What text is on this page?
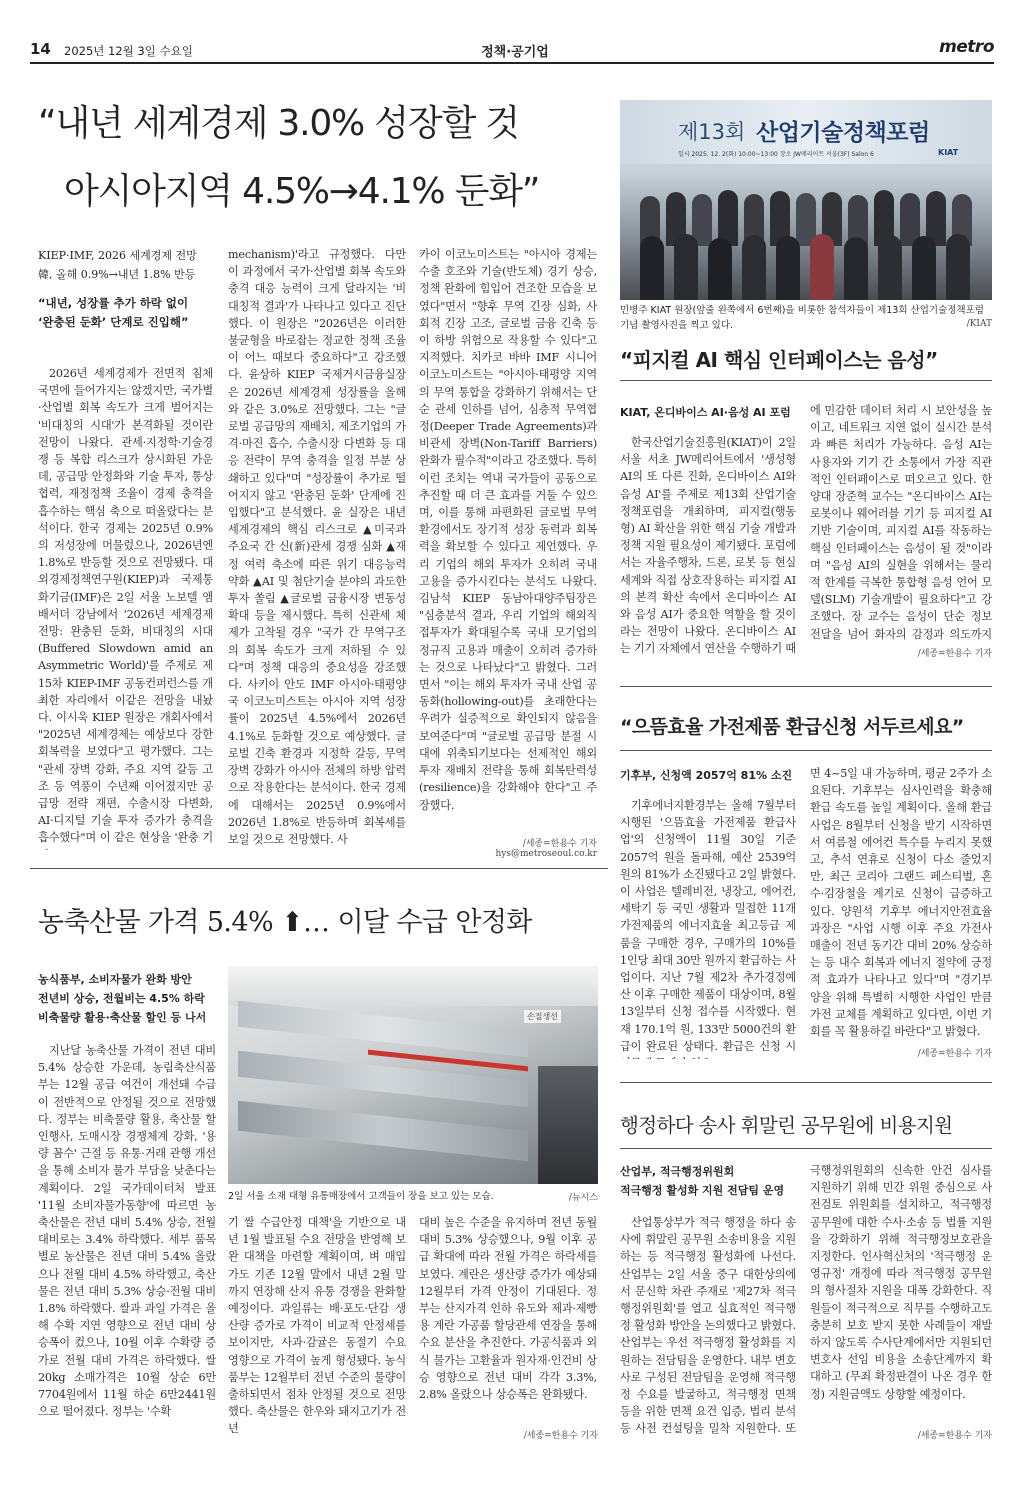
14 2025년 12월 3일 수요일	정책·공기업	metro
“내년 세계경제 3.0% 성장할 것
아시아지역 4.5%→4.1% 둔화”
KIEP·IMF, 2026 세계경제 전망
韓, 올해 0.9%→내년 1.8% 반등
“내년, 성장률 추가 하락 없이
‘완충된 둔화’ 단계로 진입해”

2026년 세계경제가 전면적 침체 국면에 들어가지는 않겠지만, 국가별·산업별 회복 속도가 크게 벌어지는 '비대칭의 시대'가 본격화될 것이란 전망이 나왔다. 관세·지정학·기술경쟁 등 복합 리스크가 상시화된 가운데, 공급망 안정화와 기술 투자, 통상 협력, 재정정책 조율이 경제 충격을 흡수하는 핵심 축으로 떠올랐다는 분석이다. 한국 경제는 2025년 0.9%의 저성장에 머물렀으나, 2026년엔 1.8%로 반등할 것으로 전망됐다. 대외경제정책연구원(KIEP)과 국제통화기금(IMF)은 2일 서울 노보텔 앰배서더 강남에서 '2026년 세계경제 전망: 완충된 둔화, 비대칭의 시대(Buffered Slowdown amid an Asymmetric World)'를 주제로 제15차 KIEP-IMF 공동컨퍼런스를 개최한 자리에서 이같은 전망을 내놨다. 이시욱 KIEP 원장은 개회사에서 "2025년 세계경제는 예상보다 강한 회복력을 보였다"고 평가했다. 그는 "관세 장벽 강화, 주요 지역 갈등 고조 등 역풍이 수년째 이어졌지만 공급망 전략 재편, 수출시장 다변화, AI·디지털 기술 투자 증가가 충격을 흡수했다"며 이 같은 현상을 '완충 기

mechanism)'라고 규정했다. 다만 이 과정에서 국가·산업별 회복 속도와 충격 대응 능력이 크게 달라지는 '비대칭적 결과'가 나타나고 있다고 진단했다. 이 원장은 "2026년은 이러한 불균형을 바로잡는 정교한 정책 조율이 어느 때보다 중요하다"고 강조했다. 윤상하 KIEP 국제거시금융실장은 2026년 세계경제 성장률을 올해와 같은 3.0%로 전망했다. 그는 "글로벌 공급망의 재배치, 제조기업의 가격·마진 흡수, 수출시장 다변화 등 대응 전략이 무역 충격을 일정 부분 상쇄하고 있다"며 "성장률이 추가로 떨어지지 않고 '완충된 둔화' 단계에 진입했다"고 분석했다. 윤 실장은 내년 세계경제의 핵심 리스크로 ▲미국과 주요국 간 신(新)관세 경쟁 심화 ▲재정 여력 축소에 따른 위기 대응능력 약화 ▲AI 및 첨단기술 분야의 과도한 투자 쏠림 ▲글로벌 금융시장 변동성 확대 등을 제시했다. 특히 신관세 체제가 고착될 경우 "국가 간 무역구조의 회복 속도가 크게 저하될 수 있다"며 정책 대응의 중요성을 강조했다. 사키이 안도 IMF 아시아·태평양국 이코노미스트는 아시아 지역 성장률이 2025년 4.5%에서 2026년 4.1%로 둔화할 것으로 예상했다. 글로벌 긴축 환경과 지정학 갈등, 무역 장벽 강화가 아시아 전체의 하방 압력으로 작용한다는 분석이다. 한국 경제에 대해서는 2025년 0.9%에서 2026년 1.8%로 반등하며 회복세를 보일 것으로 전망했다. 사

카이 이코노미스트는 "아시아 경제는 수출 호조와 기술(반도체) 경기 상승, 정책 완화에 힘입어 견조한 모습을 보였다"면서 "향후 무역 긴장 심화, 사회적 긴장 고조, 글로벌 금융 긴축 등이 하방 위험으로 작용할 수 있다"고 지적했다. 치카코 바바 IMF 시니어 이코노미스트는 "아시아·태평양 지역의 무역 통합을 강화하기 위해서는 단순 관세 인하를 넘어, 심층적 무역협정(Deeper Trade Agreements)과 비관세 장벽(Non-Tariff Barriers) 완화가 필수적"이라고 강조했다. 특히 이런 조치는 역내 국가들이 공동으로 추진할 때 더 큰 효과를 거둘 수 있으며, 이를 통해 파편화된 글로벌 무역 환경에서도 장기적 성장 동력과 회복력을 확보할 수 있다고 제언했다. 우리 기업의 해외 투자가 오히려 국내 고용을 증가시킨다는 분석도 나왔다. 김남석 KIEP 동남아대양주팀장은 "심층분석 결과, 우리 기업의 해외직접투자가 확대될수록 국내 모기업의 정규직 고용과 매출이 오히려 증가하는 것으로 나타났다"고 밝혔다. 그러면서 "이는 해외 투자가 국내 산업 공동화(hollowing-out)를 초래한다는 우려가 실증적으로 확인되지 않음을 보여준다"며 "글로벌 공급망 분절 시대에 위축되기보다는 선제적인 해외 투자 재배치 전략을 통해 회복탄력성(resilience)을 강화해야 한다"고 주장했다.

/세종=한용수 기자 hys@metroseoul.co.kr
제13회 산업기술정책포럼
일시 2025. 12. 2(화) 10:00~13:00 장소 JW메리어트 서울(3F) Salon 6	KIAT
민병주 KIAT 원장(앞줄 왼쪽에서 6번째)을 비롯한 참석자들이 제13회 산업기술정책포럼 기념 촬영사진을 찍고 있다.	/KIAT
“피지컬 AI 핵심 인터페이스는 음성”
KIAT, 온디바이스 AI·음성 AI 포럼

한국산업기술진흥원(KIAT)이 2일 서울 서초 JW메리어트에서 '생성형 AI의 또 다른 진화, 온디바이스 AI와 음성 AI'를 주제로 제13회 산업기술정책포럼을 개최하며, 피지컬(행동형) AI 확산을 위한 핵심 기술 개발과 정책 지원 필요성이 제기됐다. 포럼에서는 자율주행차, 드론, 로봇 등 현실 세계와 직접 상호작용하는 피지컬 AI의 본격 확산 속에서 온디바이스 AI와 음성 AI가 중요한 역할을 할 것이라는 전망이 나왔다. 온디바이스 AI는 기기 자체에서 연산을 수행하기 때

에 민감한 데이터 처리 시 보안성을 높이고, 네트워크 지연 없이 실시간 분석과 빠른 처리가 가능하다. 음성 AI는 사용자와 기기 간 소통에서 가장 직관적인 인터페이스로 떠오르고 있다. 한양대 장준혁 교수는 "온디바이스 AI는 로봇이나 웨어러블 기기 등 피지컬 AI 기반 기술이며, 피지컬 AI를 작동하는 핵심 인터페이스는 음성이 될 것"이라며 "음성 AI의 실현을 위해서는 물리적 한계를 극복한 통합형 음성 언어 모델(SLM) 기술개발이 필요하다"고 강조했다. 장 교수는 음성이 단순 정보 전달을 넘어 화자의 감정과 의도까지

/세종=한용수 기자
“으뜸효율 가전제품 환급신청 서두르세요”
기후부, 신청액 2057억 81% 소진

기후에너지환경부는 올해 7월부터 시행된 '으뜸효율 가전제품 환급사업'의 신청액이 11월 30일 기준 2057억 원을 돌파해, 예산 2539억 원의 81%가 소진됐다고 2일 밝혔다. 이 사업은 텔레비전, 냉장고, 에어컨, 세탁기 등 국민 생활과 밀접한 11개 가전제품의 에너지효율 최고등급 제품을 구매한 경우, 구매가의 10%를 1인당 최대 30만 원까지 환급하는 사업이다. 지난 7월 제2차 추가경정예산 이후 구매한 제품이 대상이며, 8월 13일부터 신청 접수를 시작했다. 현재 170.1억 원, 133만 5000건의 환급이 완료된 상태다. 환급은 신청 시

면 4~5일 내 가능하며, 평균 2주가 소요된다. 기후부는 심사인력을 확충해 환급 속도를 높일 계획이다. 올해 환급사업은 8월부터 신청을 받기 시작하면서 여름철 에어컨 특수를 누리지 못했고, 추석 연휴로 신청이 다소 줄었지만, 최근 코리아 그랜드 페스티벌, 혼수·김장철을 계기로 신청이 급증하고 있다. 양원석 기후부 에너지안전효율과장은 "사업 시행 이후 주요 가전사 매출이 전년 동기간 대비 20% 상승하는 등 내수 회복과 에너지 절약에 긍정적 효과가 나타나고 있다"며 "경기부양을 위해 특별히 시행한 사업인 만큼 가전 교체를 계획하고 있다면, 이번 기회를 꼭 활용하길 바란다"고 밝혔다.

/세종=한용수 기자
농축산물 가격 5.4% ⬆… 이달 수급 안정화
농식품부, 소비자물가 완화 방안
전년비 상승, 전월비는 4.5% 하락
비축물량 활용·축산물 할인 등 나서

지난달 농축산물 가격이 전년 대비 5.4% 상승한 가운데, 농림축산식품부는 12월 공급 여건이 개선돼 수급이 전반적으로 안정될 것으로 전망했다. 정부는 비축물량 활용, 축산물 할인행사, 도매시장 경쟁체계 강화, '용량 꼼수' 근절 등 유통·거래 관행 개선을 통해 소비자 물가 부담을 낮춘다는 계획이다. 2일 국가데이터처 발표 '11월 소비자물가동향'에 따르면 농축산물은 전년 대비 5.4% 상승, 전월 대비로는 3.4% 하락했다. 세부 품목별로 농산물은 전년 대비 5.4% 올랐으나 전월 대비 4.5% 하락했고, 축산물은 전년 대비 5.3% 상승·전월 대비 1.8% 하락했다. 쌀과 과일 가격은 올해 수확 지연 영향으로 전년 대비 상승폭이 컸으나, 10월 이후 수확량 증가로 전월 대비 가격은 하락했다. 쌀 20kg 소매가격은 10월 상순 6만7704원에서 11월 하순 6만2441원으로 떨어졌다. 정부는 '수확

손질생선
2일 서울 소재 대형 유통매장에서 고객들이 장을 보고 있는 모습.	/뉴시스

기 쌀 수급안정 대책'을 기반으로 내년 1월 발표될 수요 전망을 반영해 보완 대책을 마련할 계획이며, 벼 매입 가도 기존 12월 말에서 내년 2월 말까지 연장해 산지 유통 경쟁을 완화할 예정이다. 과일류는 배·포도·단감 생산량 증가로 가격이 비교적 안정세를 보이지만, 사과·감귤은 동절기 수요 영향으로 가격이 높게 형성됐다. 농식품부는 12월부터 전년 수준의 물량이 출하되면서 점차 안정될 것으로 전망했다. 축산물은 한우와 돼지고기가 전년

대비 높은 수준을 유지하며 전년 동월 대비 5.3% 상승했으나, 9월 이후 공급 확대에 따라 전월 가격은 하락세를 보였다. 계란은 생산량 증가가 예상돼 12월부터 가격 안정이 기대된다. 정부는 산지가격 인하 유도와 제과·제빵용 계란 가공품 할당관세 연장을 통해 수요 분산을 추진한다. 가공식품과 외식 물가는 고환율과 원자재·인건비 상승 영향으로 전년 대비 각각 3.3%, 2.8% 올랐으나 상승폭은 완화됐다.

/세종=한용수 기자
행정하다 송사 휘말린 공무원에 비용지원
산업부, 적극행정위원회
적극행정 활성화 지원 전담팀 운영

산업통상부가 적극 행정을 하다 송사에 휘말린 공무원 소송비용을 지원하는 등 적극행정 활성화에 나선다. 산업부는 2일 서울 중구 대한상의에서 문신학 차관 주재로 '제27차 적극행정위원회'를 열고 실효적인 적극행정 활성화 방안을 논의했다고 밝혔다. 산업부는 우선 적극행정 활성화를 지원하는 전담팀을 운영한다. 내부 변호사로 구성된 전담팀을 운영해 적극행정 수요를 발굴하고, 적극행정 면책 등을 위한 면책 요건 입증, 법리 분석 등 사전 컨설팅을 밀착 지원한다. 또

극행정위원회의 신속한 안건 심사를 지원하기 위해 민간 위원 중심으로 사전검토 위원회를 설치하고, 적극행정 공무원에 대한 수사·소송 등 법률 지원을 강화하기 위해 적극행정보호관을 지정한다. 인사혁신처의 '적극행정 운영규정' 개정에 따라 적극행정 공무원의 형사절차 지원을 대폭 강화한다. 직원들이 적극적으로 직무를 수행하고도 충분히 보호 받지 못한 사례들이 재발하지 않도록 수사단계에서만 지원되던 변호사 선임 비용을 소송단계까지 확대하고 (무죄 확정판결이 나온 경우 한정) 지원금액도 상향할 예정이다.

/세종=한용수 기자
